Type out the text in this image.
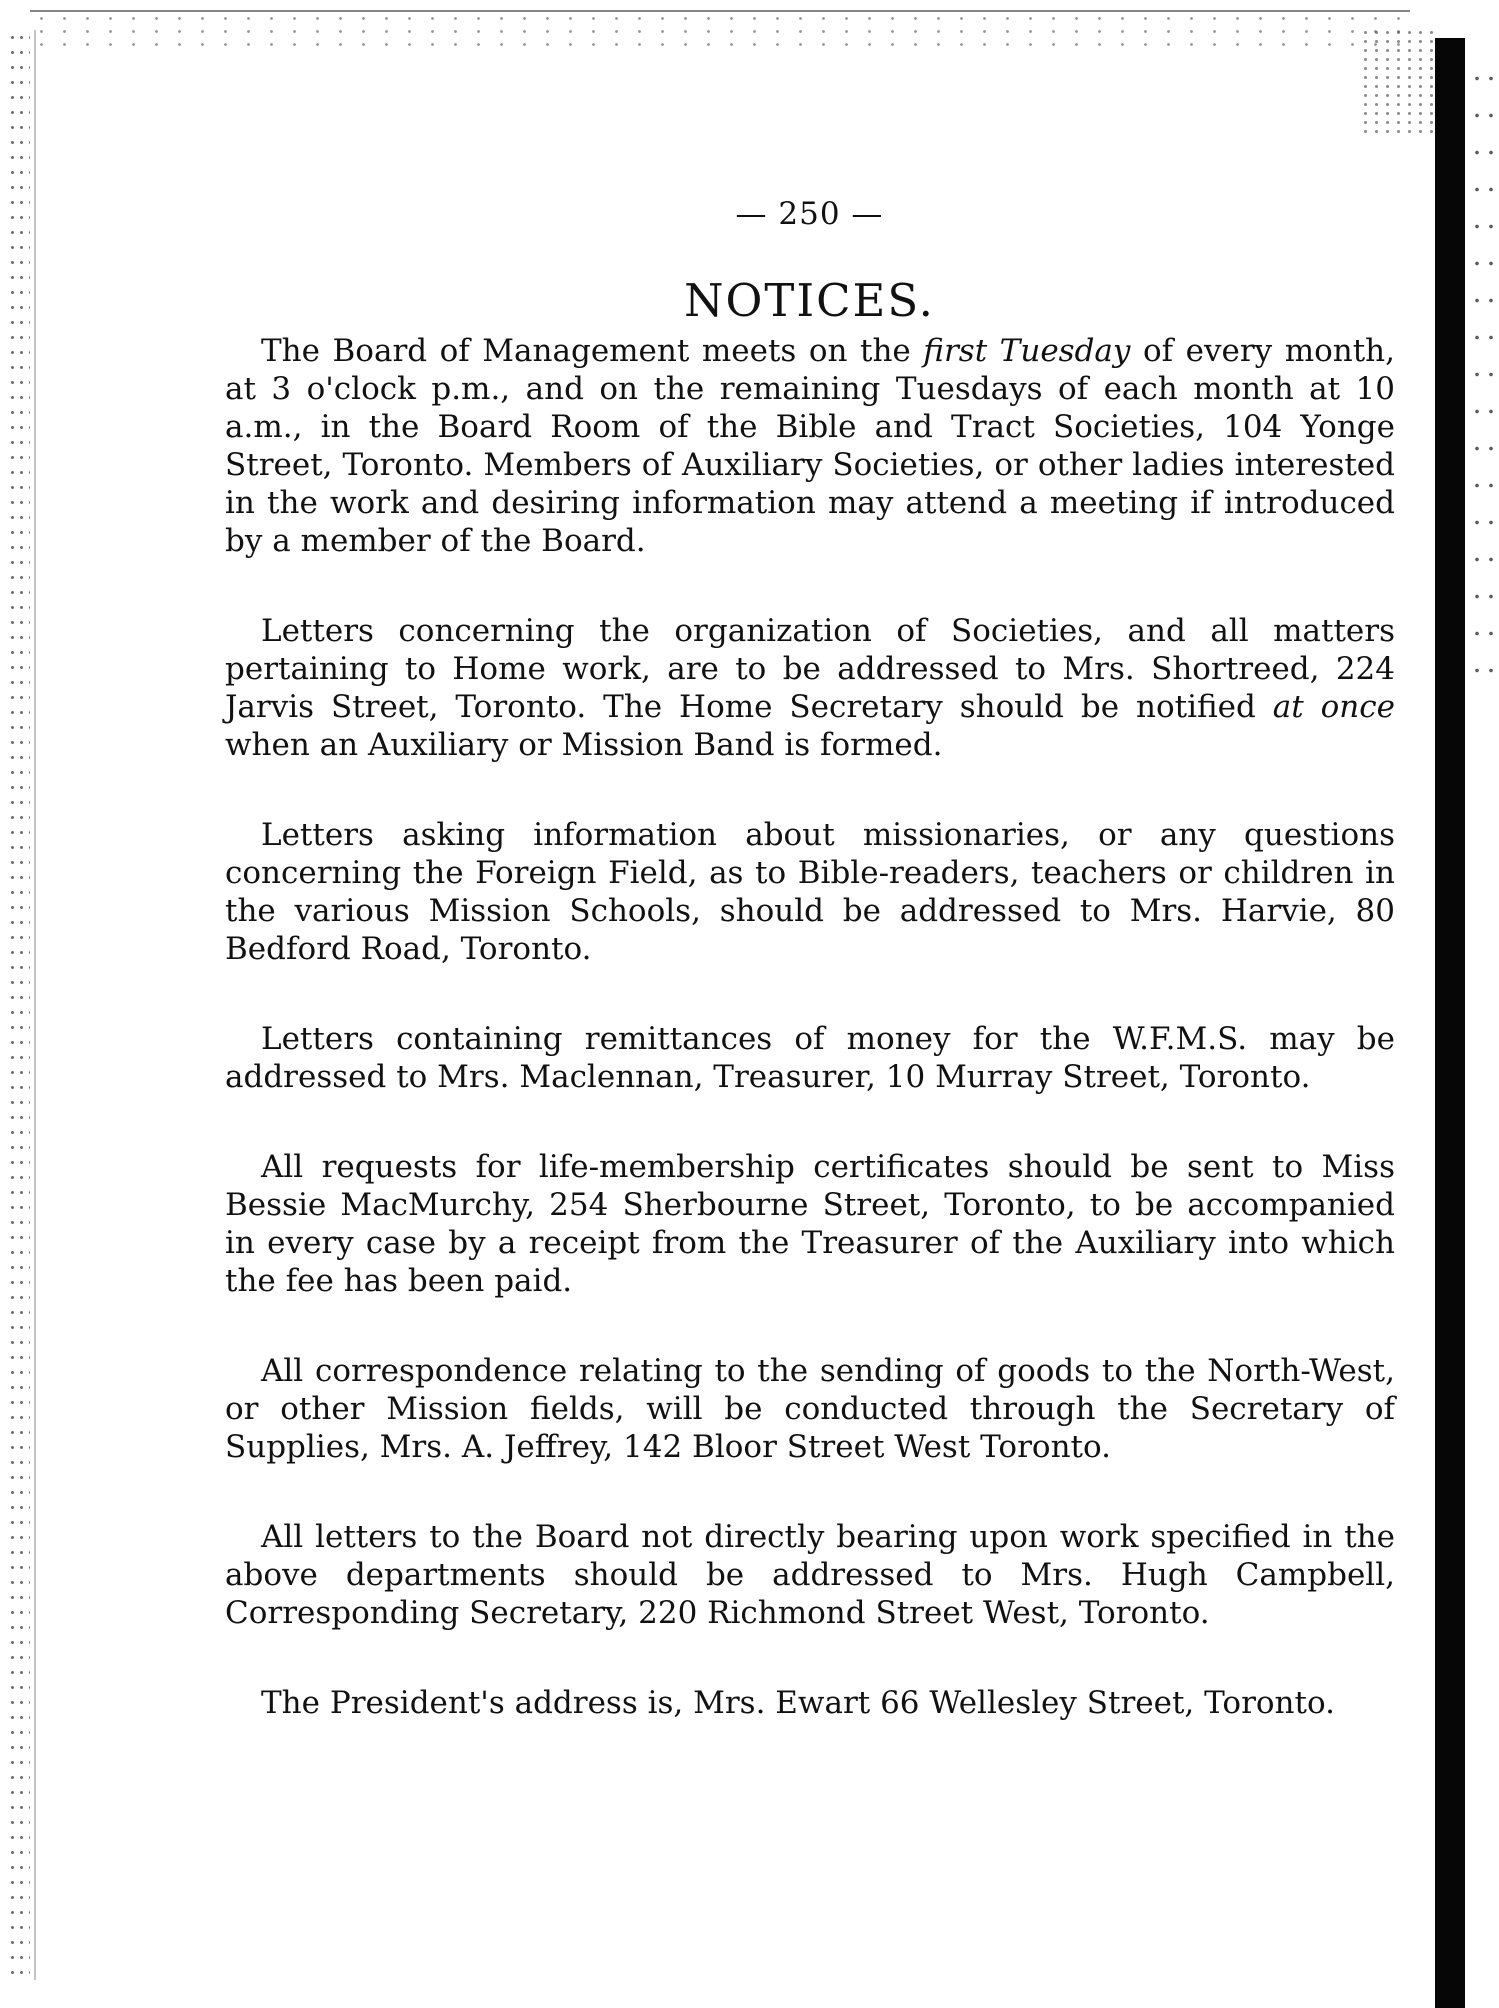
— 250 —
NOTICES.

The Board of Management meets on the first Tuesday of every month, at 3 o'clock p.m., and on the remaining Tuesdays of each month at 10 a.m., in the Board Room of the Bible and Tract Societies, 104 Yonge Street, Toronto. Members of Auxiliary Societies, or other ladies interested in the work and desiring information may attend a meeting if introduced by a member of the Board.

Letters concerning the organization of Societies, and all matters pertaining to Home work, are to be addressed to Mrs. Shortreed, 224 Jarvis Street, Toronto. The Home Secretary should be notified at once when an Auxiliary or Mission Band is formed.

Letters asking information about missionaries, or any questions concerning the Foreign Field, as to Bible-readers, teachers or children in the various Mission Schools, should be addressed to Mrs. Harvie, 80 Bedford Road, Toronto.

Letters containing remittances of money for the W.F.M.S. may be addressed to Mrs. Maclennan, Treasurer, 10 Murray Street, Toronto.

All requests for life-membership certificates should be sent to Miss Bessie MacMurchy, 254 Sherbourne Street, Toronto, to be accompanied in every case by a receipt from the Treasurer of the Auxiliary into which the fee has been paid.

All correspondence relating to the sending of goods to the North-West, or other Mission fields, will be conducted through the Secretary of Supplies, Mrs. A. Jeffrey, 142 Bloor Street West Toronto.

All letters to the Board not directly bearing upon work specified in the above departments should be addressed to Mrs. Hugh Campbell, Corresponding Secretary, 220 Richmond Street West, Toronto.

The President's address is, Mrs. Ewart 66 Wellesley Street, Toronto.
